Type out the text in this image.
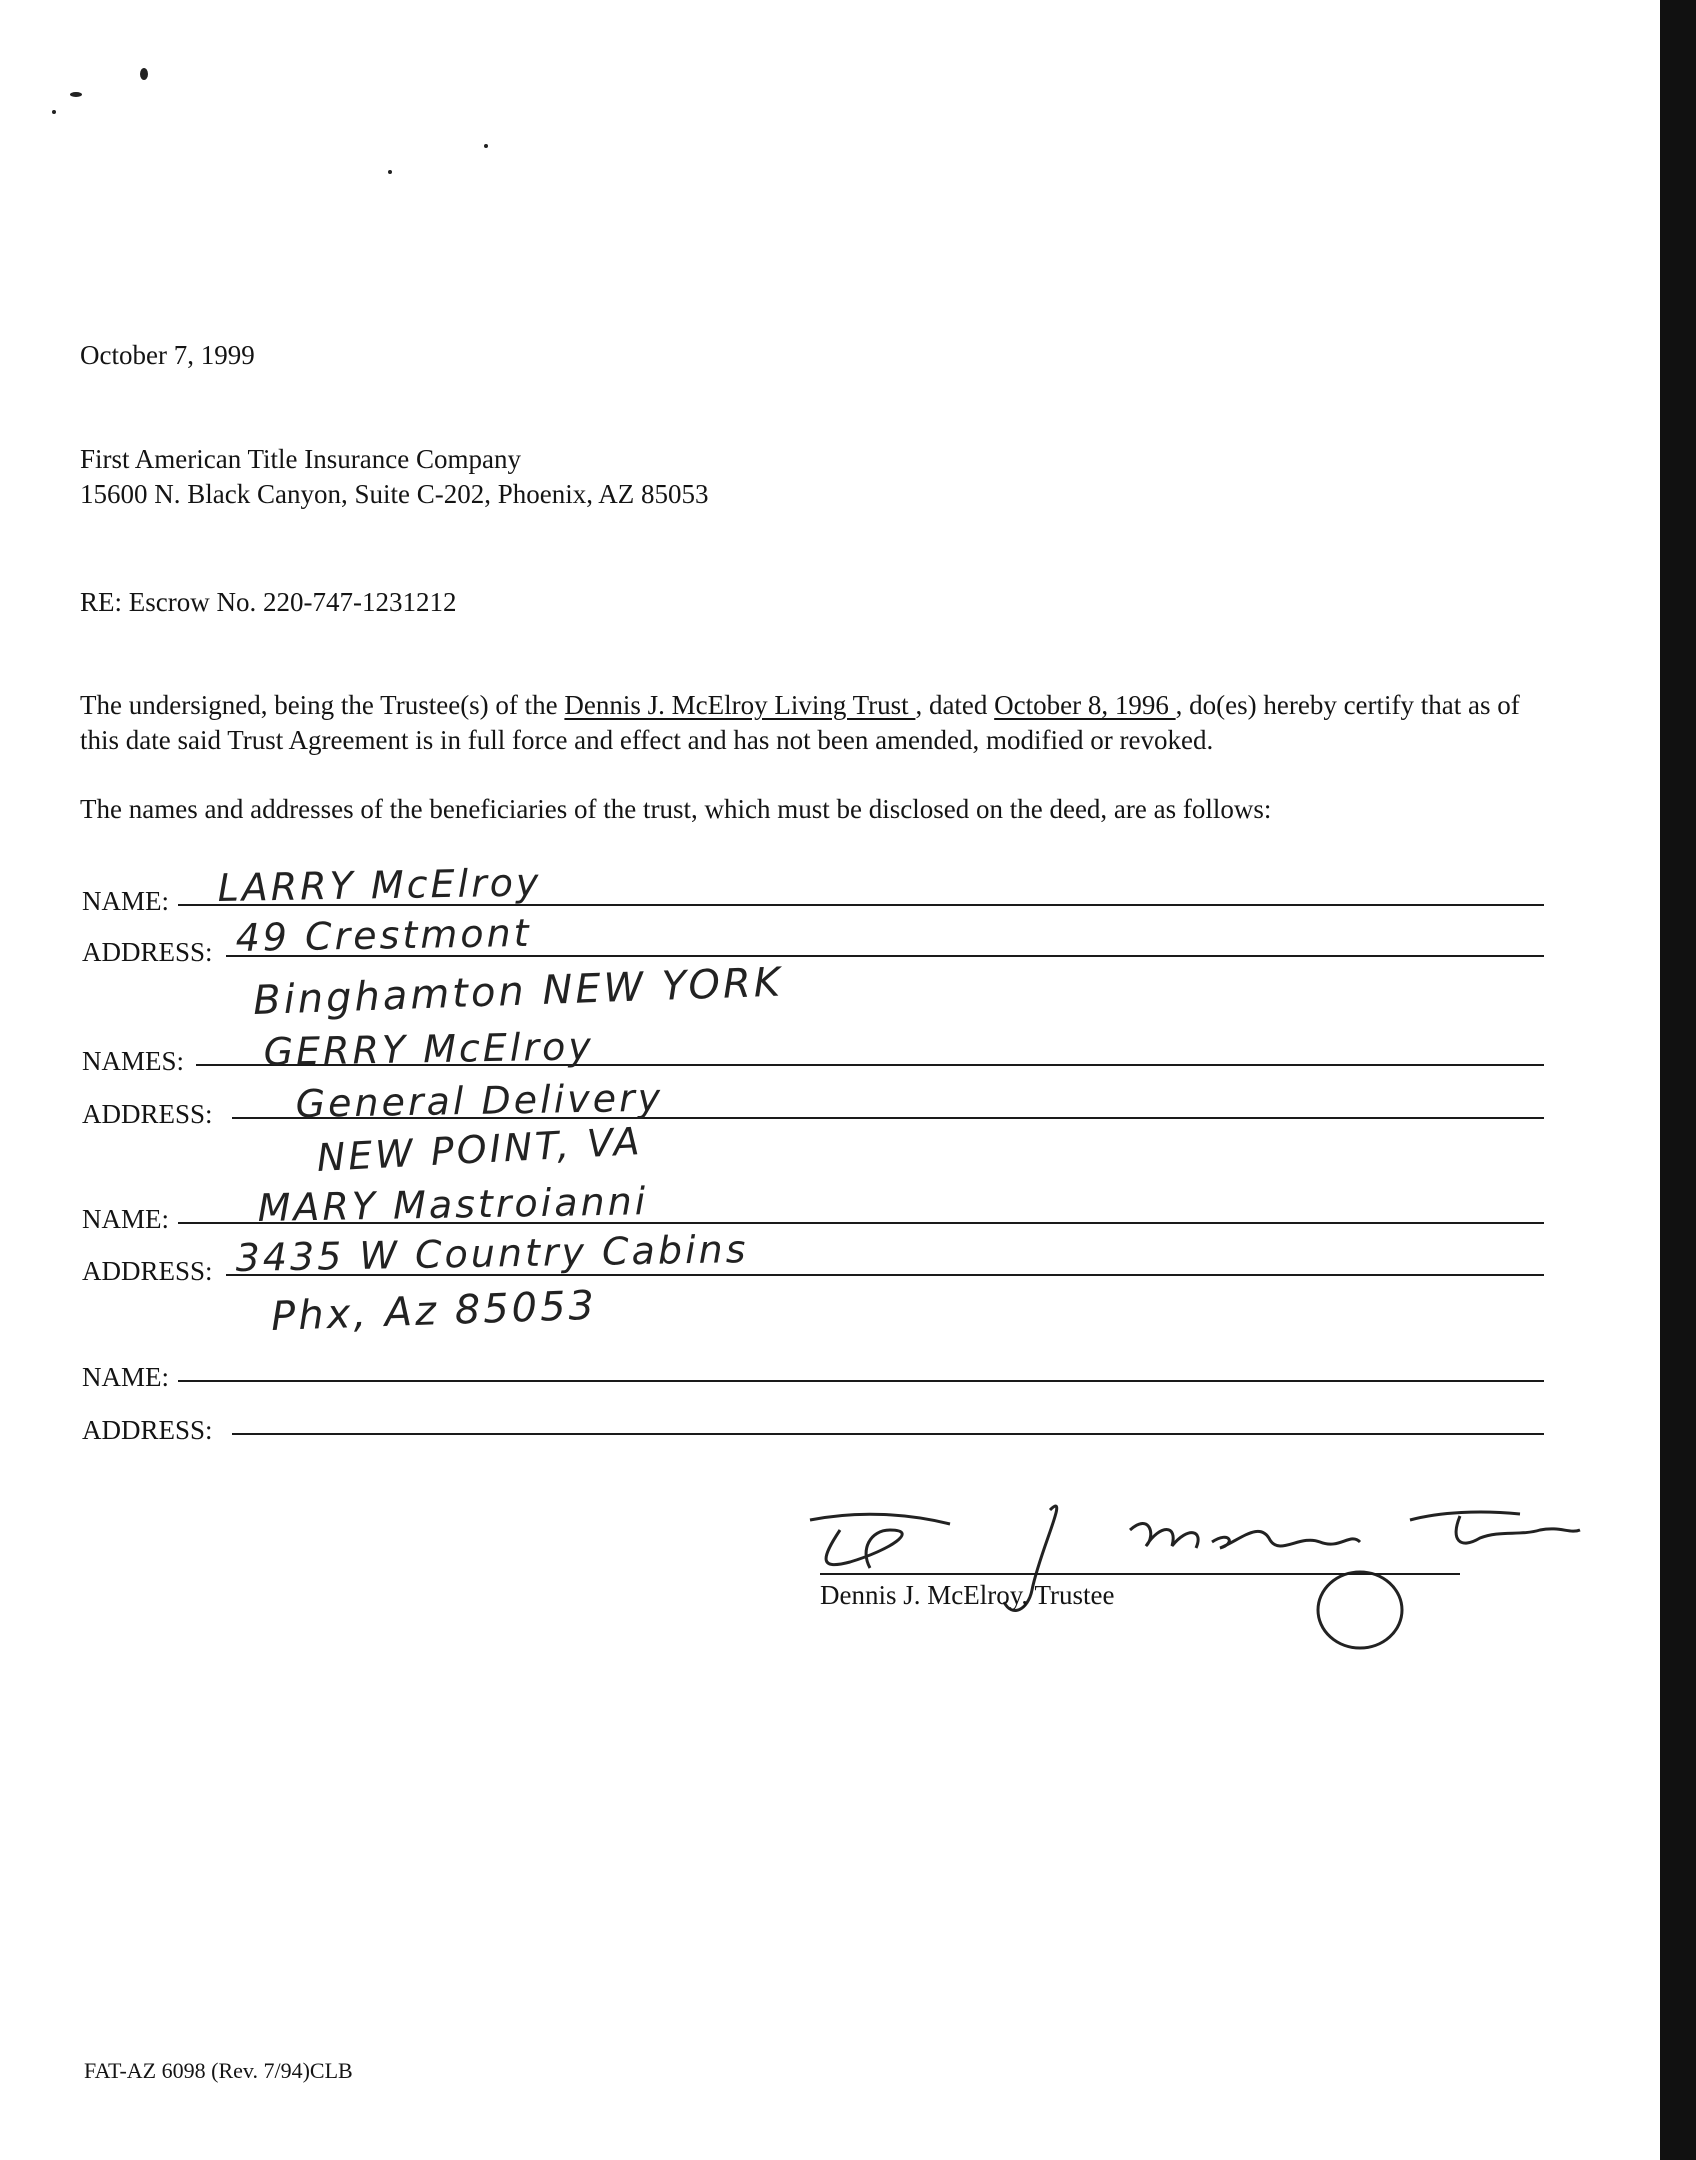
October 7, 1999
First American Title Insurance Company
15600 N. Black Canyon, Suite C-202, Phoenix, AZ 85053
RE: Escrow No. 220-747-1231212
The undersigned, being the Trustee(s) of the Dennis J. McElroy Living Trust , dated October 8, 1996 , do(es) hereby certify that as of this date said Trust Agreement is in full force and effect and has not been amended, modified or revoked.
The names and addresses of the beneficiaries of the trust, which must be disclosed on the deed, are as follows:
NAME: LARRY McElroy
ADDRESS: 49 Crestmont
Binghamton NEW YORK
NAMES: GERRY McElroy
ADDRESS: General Delivery
NEW POINT, VA
NAME: MARY Mastroianni
ADDRESS: 3435 W Country Cabins
Phx, Az 85053
NAME:
ADDRESS:
Dennis J. McElroy, Trustee
FAT-AZ 6098 (Rev. 7/94)CLB
